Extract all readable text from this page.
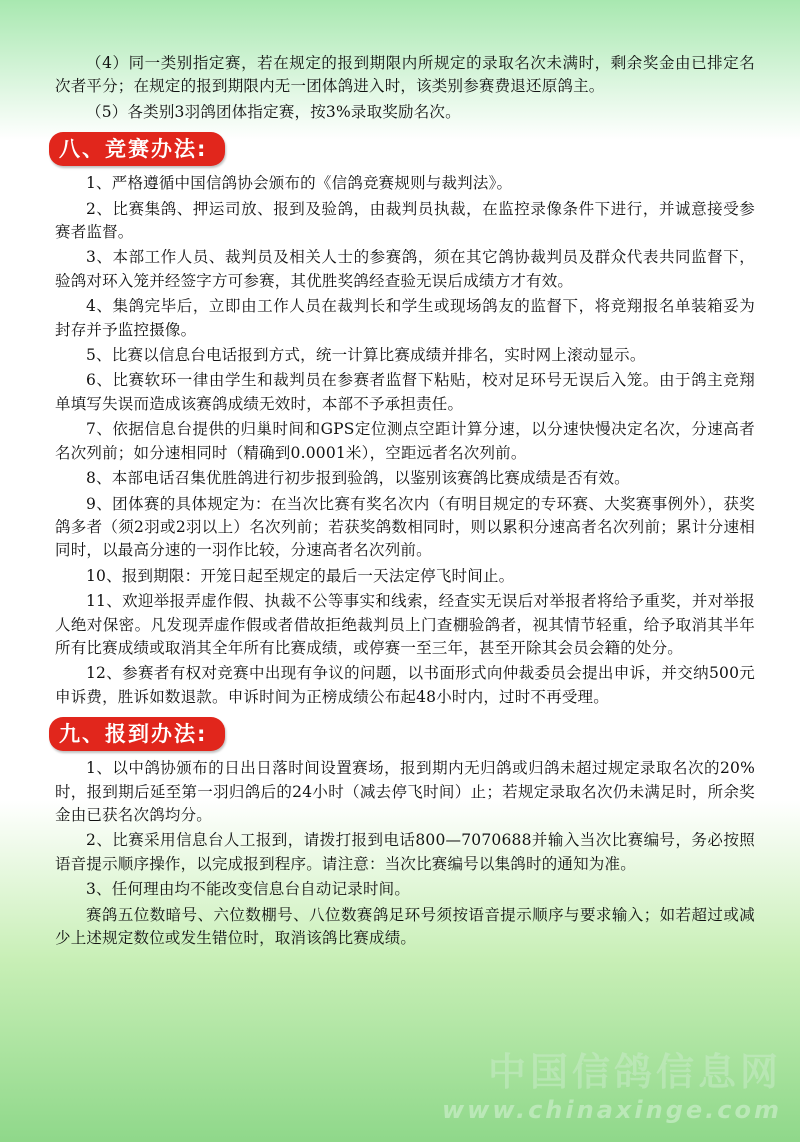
（4）同一类别指定赛，若在规定的报到期限内所规定的录取名次未满时，剩余奖金由已排定名次者平分；在规定的报到期限内无一团体鸽进入时，该类别参赛费退还原鸽主。

（5）各类别3羽鸽团体指定赛，按3%录取奖励名次。

八、竞赛办法:

1、严格遵循中国信鸽协会颁布的《信鸽竞赛规则与裁判法》。

2、比赛集鸽、押运司放、报到及验鸽，由裁判员执裁，在监控录像条件下进行，并诚意接受参赛者监督。

3、本部工作人员、裁判员及相关人士的参赛鸽，须在其它鸽协裁判员及群众代表共同监督下，验鸽对环入笼并经签字方可参赛，其优胜奖鸽经查验无误后成绩方才有效。

4、集鸽完毕后，立即由工作人员在裁判长和学生或现场鸽友的监督下，将竞翔报名单装箱妥为封存并予监控摄像。

5、比赛以信息台电话报到方式，统一计算比赛成绩并排名，实时网上滚动显示。

6、比赛软环一律由学生和裁判员在参赛者监督下粘贴，校对足环号无误后入笼。由于鸽主竞翔单填写失误而造成该赛鸽成绩无效时，本部不予承担责任。

7、依据信息台提供的归巢时间和GPS定位测点空距计算分速，以分速快慢决定名次，分速高者名次列前；如分速相同时（精确到0.0001米），空距远者名次列前。

8、本部电话召集优胜鸽进行初步报到验鸽，以鉴别该赛鸽比赛成绩是否有效。

9、团体赛的具体规定为：在当次比赛有奖名次内（有明目规定的专环赛、大奖赛事例外），获奖鸽多者（须2羽或2羽以上）名次列前；若获奖鸽数相同时，则以累积分速高者名次列前；累计分速相同时，以最高分速的一羽作比较，分速高者名次列前。

10、报到期限：开笼日起至规定的最后一天法定停飞时间止。

11、欢迎举报弄虚作假、执裁不公等事实和线索，经查实无误后对举报者将给予重奖，并对举报人绝对保密。凡发现弄虚作假或者借故拒绝裁判员上门查棚验鸽者，视其情节轻重，给予取消其半年所有比赛成绩或取消其全年所有比赛成绩，或停赛一至三年，甚至开除其会员会籍的处分。

12、参赛者有权对竞赛中出现有争议的问题，以书面形式向仲裁委员会提出申诉，并交纳500元申诉费，胜诉如数退款。申诉时间为正榜成绩公布起48小时内，过时不再受理。

九、报到办法:

1、以中鸽协颁布的日出日落时间设置赛场，报到期内无归鸽或归鸽未超过规定录取名次的20%时，报到期后延至第一羽归鸽后的24小时（减去停飞时间）止；若规定录取名次仍未满足时，所余奖金由已获名次鸽均分。

2、比赛采用信息台人工报到，请拨打报到电话800—7070688并输入当次比赛编号，务必按照语音提示顺序操作，以完成报到程序。请注意：当次比赛编号以集鸽时的通知为准。

3、任何理由均不能改变信息台自动记录时间。

赛鸽五位数暗号、六位数棚号、八位数赛鸽足环号须按语音提示顺序与要求输入；如若超过或减少上述规定数位或发生错位时，取消该鸽比赛成绩。

中国信鸽信息网
www.chinaxinge.com
